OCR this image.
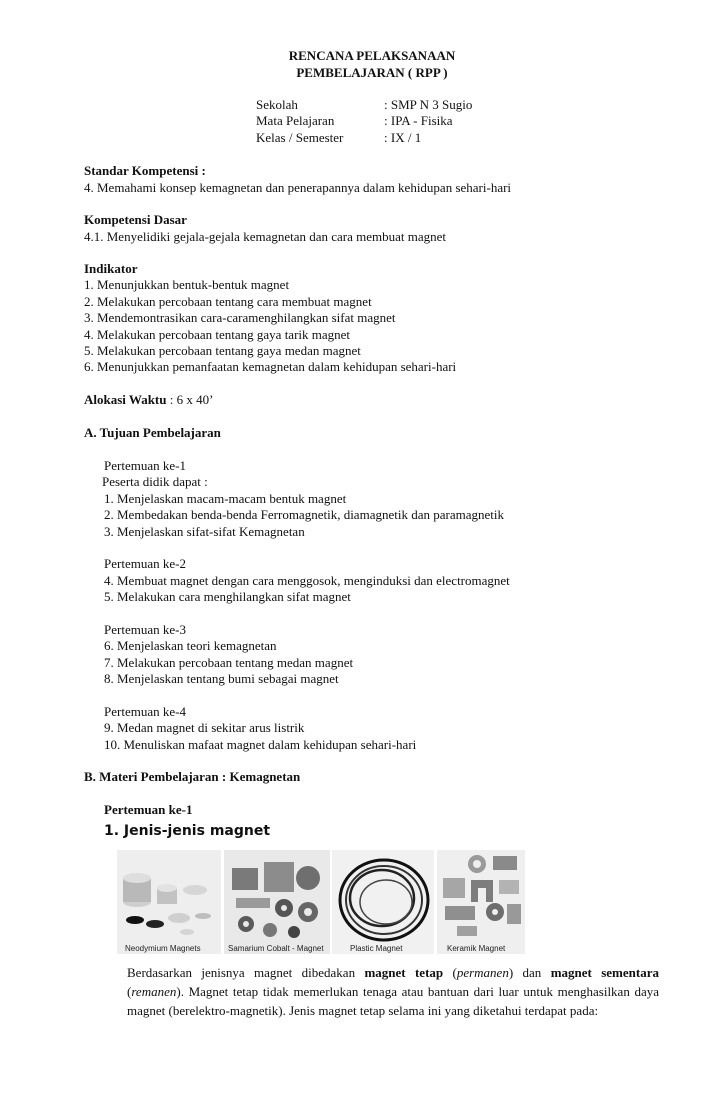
RENCANA PELAKSANAAN
PEMBELAJARAN ( RPP )
Sekolah	: SMP N 3 Sugio
Mata Pelajaran	: IPA - Fisika
Kelas / Semester	: IX / 1
Standar Kompetensi :
4. Memahami konsep kemagnetan dan penerapannya dalam kehidupan sehari-hari
Kompetensi Dasar
4.1. Menyelidiki gejala-gejala kemagnetan dan cara membuat magnet
Indikator
1. Menunjukkan bentuk-bentuk magnet
2. Melakukan percobaan tentang cara membuat magnet
3. Mendemontrasikan cara-caramenghilangkan sifat magnet
4. Melakukan percobaan tentang gaya tarik magnet
5. Melakukan percobaan tentang gaya medan magnet
6. Menunjukkan pemanfaatan kemagnetan dalam kehidupan sehari-hari
Alokasi Waktu : 6 x 40’
A. Tujuan Pembelajaran
Pertemuan ke-1
Peserta didik dapat :
1. Menjelaskan macam-macam bentuk magnet
2. Membedakan benda-benda Ferromagnetik, diamagnetik dan paramagnetik
3. Menjelaskan sifat-sifat Kemagnetan
Pertemuan ke-2
4. Membuat magnet dengan cara menggosok, menginduksi dan electromagnet
5. Melakukan cara menghilangkan sifat magnet
Pertemuan ke-3
6. Menjelaskan teori kemagnetan
7. Melakukan percobaan tentang medan magnet
8. Menjelaskan tentang bumi sebagai magnet
Pertemuan ke-4
9. Medan magnet di sekitar arus listrik
10. Menuliskan mafaat magnet dalam kehidupan sehari-hari
B. Materi Pembelajaran : Kemagnetan
Pertemuan ke-1
1. Jenis-jenis magnet
Neodymium Magnets	Samarium Cobalt - Magnet	Plastic Magnet	Keramik Magnet

Berdasarkan jenisnya magnet dibedakan magnet tetap (permanen) dan magnet sementara (remanen). Magnet tetap tidak memerlukan tenaga atau bantuan dari luar untuk menghasilkan daya magnet (berelektro-magnetik). Jenis magnet tetap selama ini yang diketahui terdapat pada:
